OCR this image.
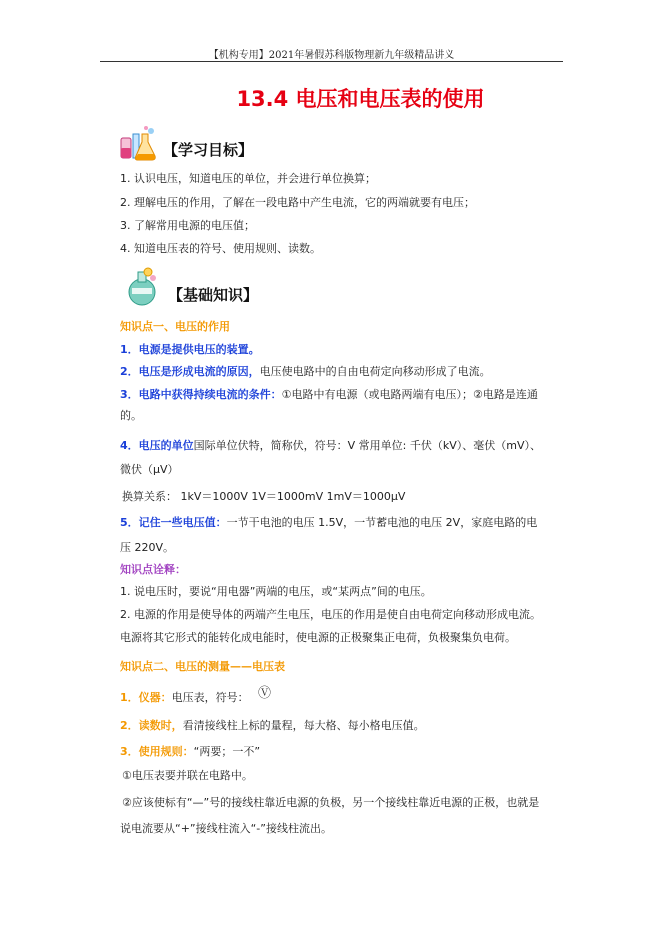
【机构专用】2021年暑假苏科版物理新九年级精品讲义
13.4 电压和电压表的使用
【学习目标】
1. 认识电压，知道电压的单位，并会进行单位换算；
2. 理解电压的作用，了解在一段电路中产生电流，它的两端就要有电压；
3. 了解常用电源的电压值；
4. 知道电压表的符号、使用规则、读数。
【基础知识】
知识点一、电压的作用
1．电源是提供电压的装置。
2．电压是形成电流的原因，电压使电路中的自由电荷定向移动形成了电流。
3．电路中获得持续电流的条件：①电路中有电源（或电路两端有电压）；②电路是连通
的。
4．电压的单位国际单位伏特，简称伏，符号：V 常用单位: 千伏（kV）、毫伏（mV）、
微伏（μV）
换算关系： 1kV＝1000V 1V＝1000mV 1mV＝1000μV
5．记住一些电压值：一节干电池的电压 1.5V，一节蓄电池的电压 2V，家庭电路的电
压 220V。
知识点诠释：
1. 说电压时，要说“用电器”两端的电压，或“某两点”间的电压。
2. 电源的作用是使导体的两端产生电压，电压的作用是使自由电荷定向移动形成电流。
电源将其它形式的能转化成电能时，使电源的正极聚集正电荷，负极聚集负电荷。
知识点二、电压的测量——电压表
1．仪器：电压表，符号： Ⓥ
2．读数时，看清接线柱上标的量程，每大格、每小格电压值。
3．使用规则：“两要；一不”
①电压表要并联在电路中。
②应该使标有“—”号的接线柱靠近电源的负极，另一个接线柱靠近电源的正极，也就是
说电流要从“+”接线柱流入“-”接线柱流出。
